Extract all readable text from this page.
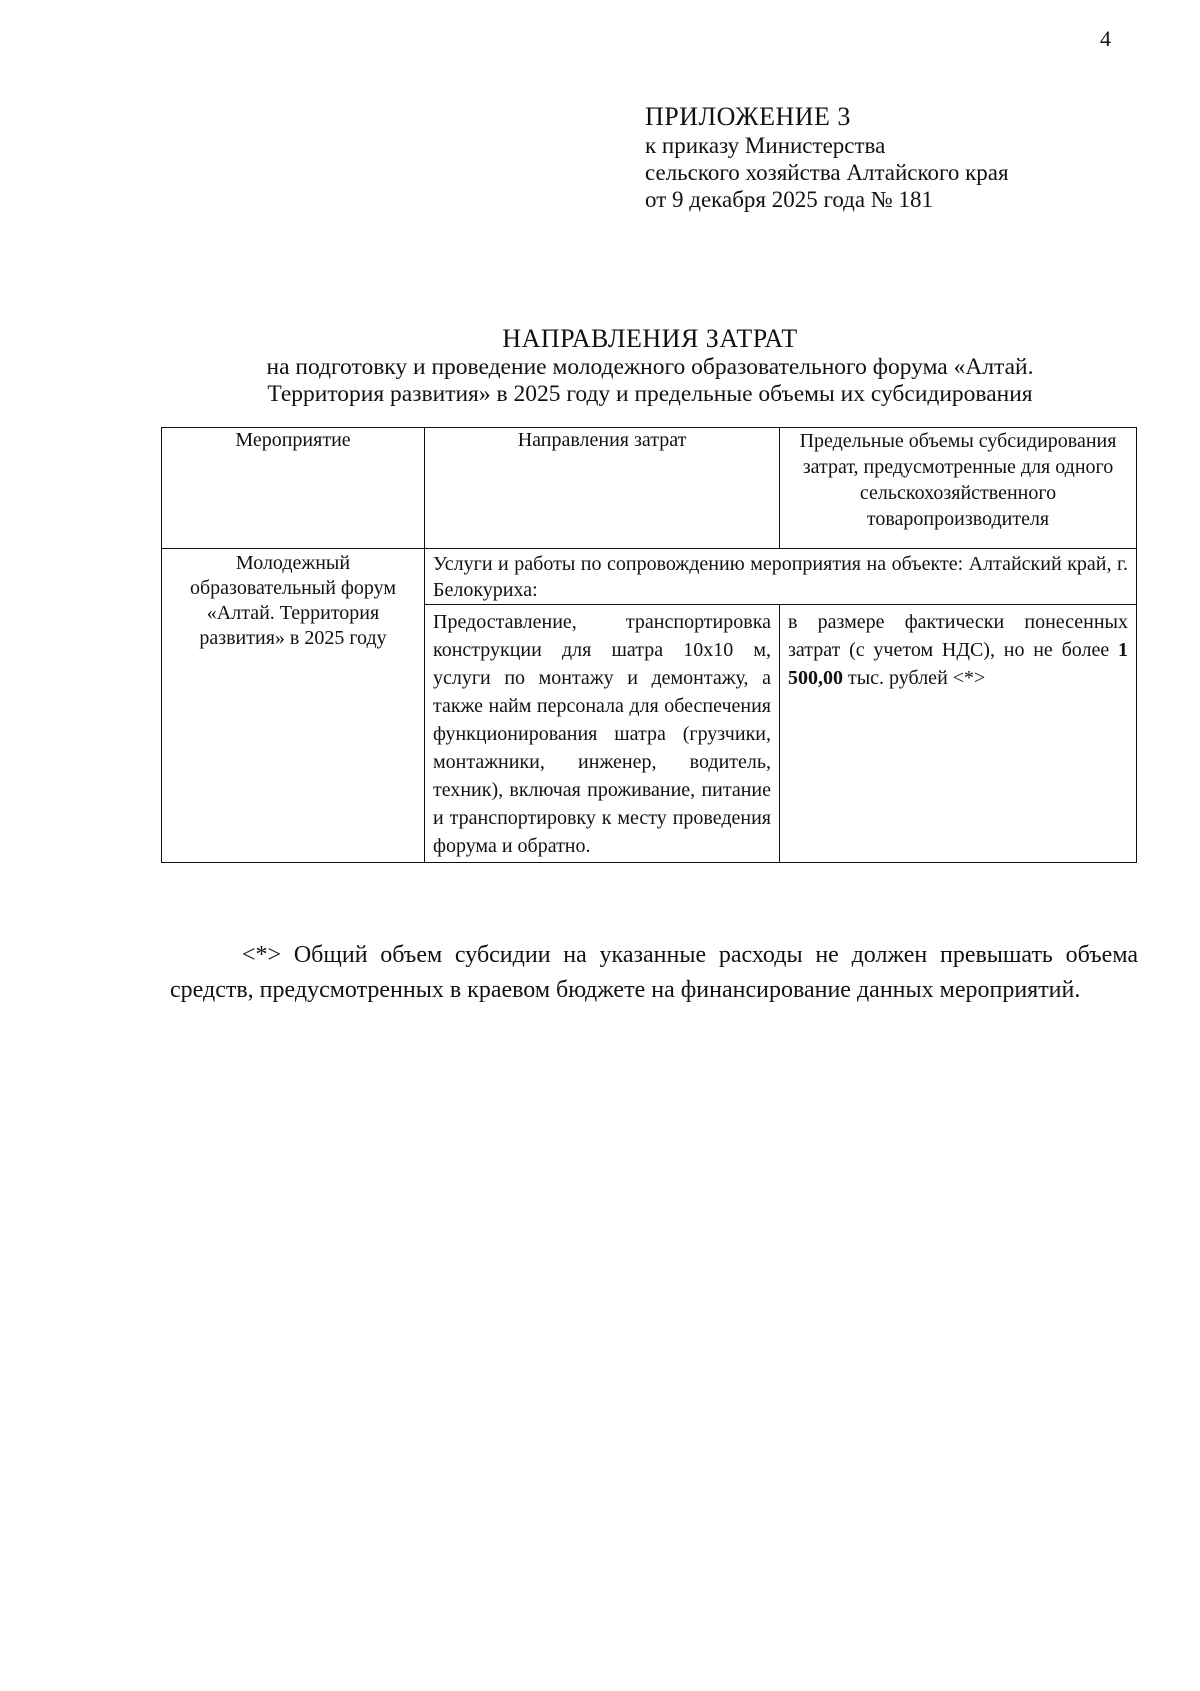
4
ПРИЛОЖЕНИЕ 3
к приказу Министерства
сельского хозяйства Алтайского края
от 9 декабря 2025 года № 181
НАПРАВЛЕНИЯ ЗАТРАТ
на подготовку и проведение молодежного образовательного форума «Алтай.
Территория развития» в 2025 году и предельные объемы их субсидирования
Мероприятие	Направления затрат	Предельные объемы субсидирования затрат, предусмотренные для одного сельскохозяйственного товаропроизводителя
Молодежный образовательный форум «Алтай. Территория развития» в 2025 году	Услуги и работы по сопровождению мероприятия на объекте: Алтайский край, г. Белокуриха:	
	Предоставление, транспортировка конструкции для шатра 10х10 м, услуги по монтажу и демонтажу, а также найм персонала для обеспечения функционирования шатра (грузчики, монтажники, инженер, водитель, техник), включая проживание, питание и транспортировку к месту проведения форума и обратно.	в размере фактически понесенных затрат (с учетом НДС), но не более 1 500,00 тыс. рублей <*>
<*> Общий объем субсидии на указанные расходы не должен превышать объема средств, предусмотренных в краевом бюджете на финансирование данных мероприятий.
